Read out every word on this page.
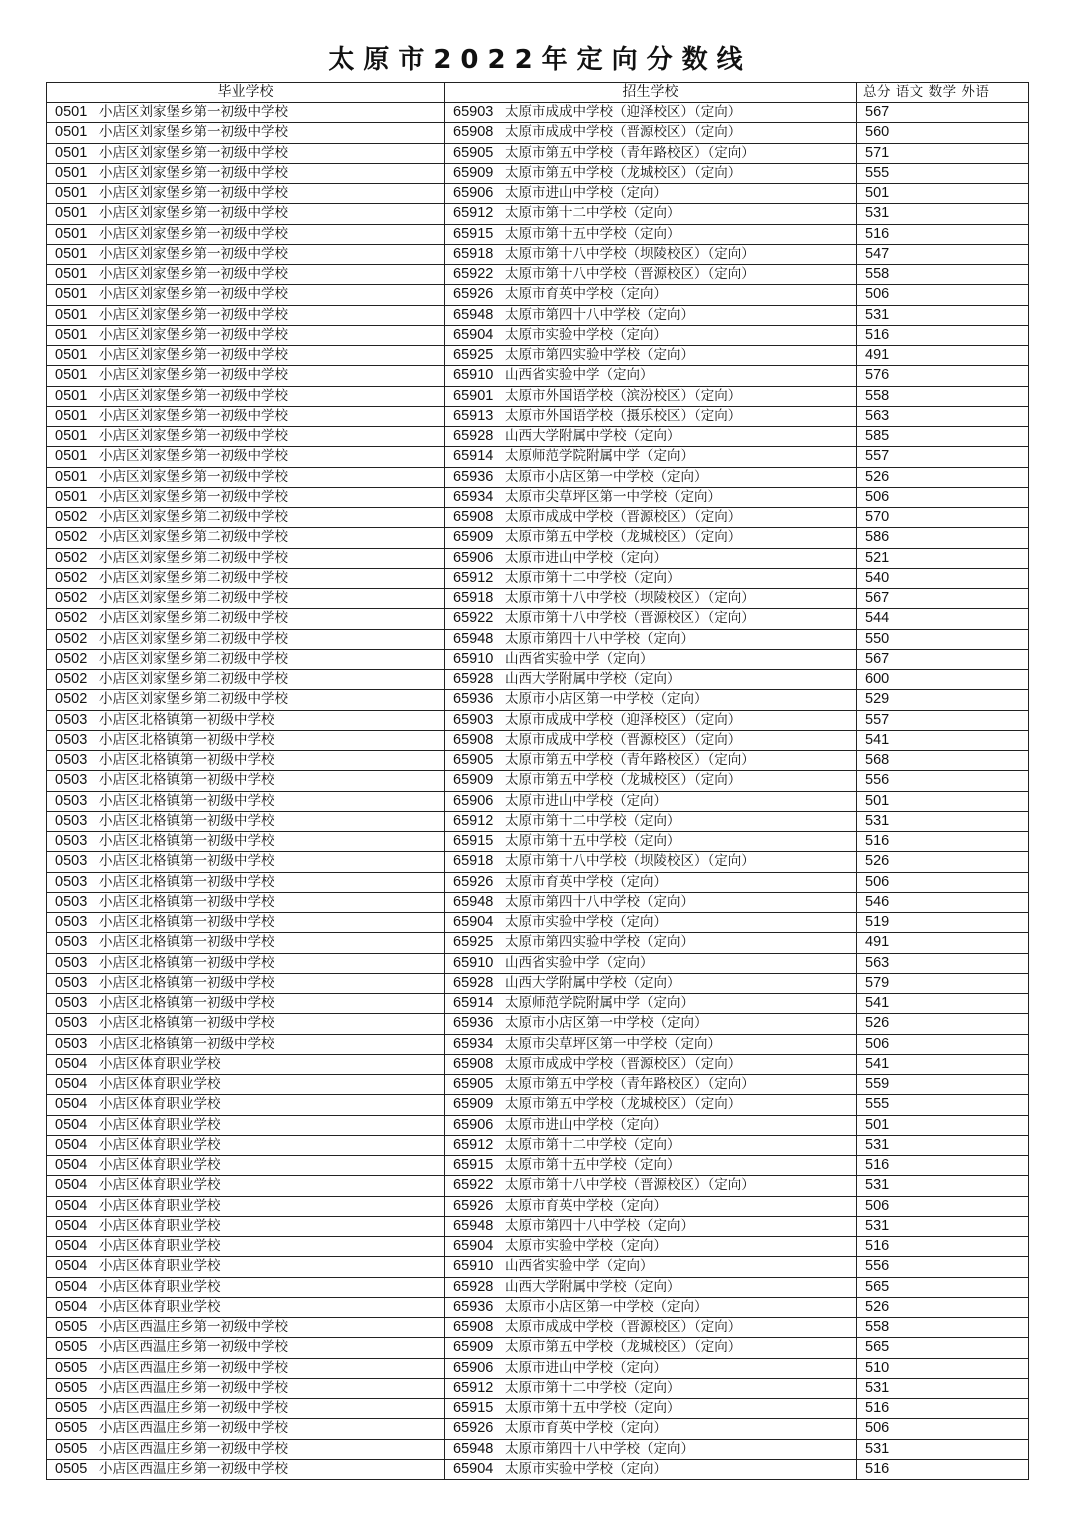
太原市2022年定向分数线
毕业学校	招生学校	总分 语文 数学 外语
0501 小店区刘家堡乡第一初级中学校	65903 太原市成成中学校（迎泽校区）（定向）	567
0501 小店区刘家堡乡第一初级中学校	65908 太原市成成中学校（晋源校区）（定向）	560
0501 小店区刘家堡乡第一初级中学校	65905 太原市第五中学校（青年路校区）（定向）	571
0501 小店区刘家堡乡第一初级中学校	65909 太原市第五中学校（龙城校区）（定向）	555
0501 小店区刘家堡乡第一初级中学校	65906 太原市进山中学校（定向）	501
0501 小店区刘家堡乡第一初级中学校	65912 太原市第十二中学校（定向）	531
0501 小店区刘家堡乡第一初级中学校	65915 太原市第十五中学校（定向）	516
0501 小店区刘家堡乡第一初级中学校	65918 太原市第十八中学校（坝陵校区）（定向）	547
0501 小店区刘家堡乡第一初级中学校	65922 太原市第十八中学校（晋源校区）（定向）	558
0501 小店区刘家堡乡第一初级中学校	65926 太原市育英中学校（定向）	506
0501 小店区刘家堡乡第一初级中学校	65948 太原市第四十八中学校（定向）	531
0501 小店区刘家堡乡第一初级中学校	65904 太原市实验中学校（定向）	516
0501 小店区刘家堡乡第一初级中学校	65925 太原市第四实验中学校（定向）	491
0501 小店区刘家堡乡第一初级中学校	65910 山西省实验中学（定向）	576
0501 小店区刘家堡乡第一初级中学校	65901 太原市外国语学校（滨汾校区）（定向）	558
0501 小店区刘家堡乡第一初级中学校	65913 太原市外国语学校（摄乐校区）（定向）	563
0501 小店区刘家堡乡第一初级中学校	65928 山西大学附属中学校（定向）	585
0501 小店区刘家堡乡第一初级中学校	65914 太原师范学院附属中学（定向）	557
0501 小店区刘家堡乡第一初级中学校	65936 太原市小店区第一中学校（定向）	526
0501 小店区刘家堡乡第一初级中学校	65934 太原市尖草坪区第一中学校（定向）	506
0502 小店区刘家堡乡第二初级中学校	65908 太原市成成中学校（晋源校区）（定向）	570
0502 小店区刘家堡乡第二初级中学校	65909 太原市第五中学校（龙城校区）（定向）	586
0502 小店区刘家堡乡第二初级中学校	65906 太原市进山中学校（定向）	521
0502 小店区刘家堡乡第二初级中学校	65912 太原市第十二中学校（定向）	540
0502 小店区刘家堡乡第二初级中学校	65918 太原市第十八中学校（坝陵校区）（定向）	567
0502 小店区刘家堡乡第二初级中学校	65922 太原市第十八中学校（晋源校区）（定向）	544
0502 小店区刘家堡乡第二初级中学校	65948 太原市第四十八中学校（定向）	550
0502 小店区刘家堡乡第二初级中学校	65910 山西省实验中学（定向）	567
0502 小店区刘家堡乡第二初级中学校	65928 山西大学附属中学校（定向）	600
0502 小店区刘家堡乡第二初级中学校	65936 太原市小店区第一中学校（定向）	529
0503 小店区北格镇第一初级中学校	65903 太原市成成中学校（迎泽校区）（定向）	557
0503 小店区北格镇第一初级中学校	65908 太原市成成中学校（晋源校区）（定向）	541
0503 小店区北格镇第一初级中学校	65905 太原市第五中学校（青年路校区）（定向）	568
0503 小店区北格镇第一初级中学校	65909 太原市第五中学校（龙城校区）（定向）	556
0503 小店区北格镇第一初级中学校	65906 太原市进山中学校（定向）	501
0503 小店区北格镇第一初级中学校	65912 太原市第十二中学校（定向）	531
0503 小店区北格镇第一初级中学校	65915 太原市第十五中学校（定向）	516
0503 小店区北格镇第一初级中学校	65918 太原市第十八中学校（坝陵校区）（定向）	526
0503 小店区北格镇第一初级中学校	65926 太原市育英中学校（定向）	506
0503 小店区北格镇第一初级中学校	65948 太原市第四十八中学校（定向）	546
0503 小店区北格镇第一初级中学校	65904 太原市实验中学校（定向）	519
0503 小店区北格镇第一初级中学校	65925 太原市第四实验中学校（定向）	491
0503 小店区北格镇第一初级中学校	65910 山西省实验中学（定向）	563
0503 小店区北格镇第一初级中学校	65928 山西大学附属中学校（定向）	579
0503 小店区北格镇第一初级中学校	65914 太原师范学院附属中学（定向）	541
0503 小店区北格镇第一初级中学校	65936 太原市小店区第一中学校（定向）	526
0503 小店区北格镇第一初级中学校	65934 太原市尖草坪区第一中学校（定向）	506
0504 小店区体育职业学校	65908 太原市成成中学校（晋源校区）（定向）	541
0504 小店区体育职业学校	65905 太原市第五中学校（青年路校区）（定向）	559
0504 小店区体育职业学校	65909 太原市第五中学校（龙城校区）（定向）	555
0504 小店区体育职业学校	65906 太原市进山中学校（定向）	501
0504 小店区体育职业学校	65912 太原市第十二中学校（定向）	531
0504 小店区体育职业学校	65915 太原市第十五中学校（定向）	516
0504 小店区体育职业学校	65922 太原市第十八中学校（晋源校区）（定向）	531
0504 小店区体育职业学校	65926 太原市育英中学校（定向）	506
0504 小店区体育职业学校	65948 太原市第四十八中学校（定向）	531
0504 小店区体育职业学校	65904 太原市实验中学校（定向）	516
0504 小店区体育职业学校	65910 山西省实验中学（定向）	556
0504 小店区体育职业学校	65928 山西大学附属中学校（定向）	565
0504 小店区体育职业学校	65936 太原市小店区第一中学校（定向）	526
0505 小店区西温庄乡第一初级中学校	65908 太原市成成中学校（晋源校区）（定向）	558
0505 小店区西温庄乡第一初级中学校	65909 太原市第五中学校（龙城校区）（定向）	565
0505 小店区西温庄乡第一初级中学校	65906 太原市进山中学校（定向）	510
0505 小店区西温庄乡第一初级中学校	65912 太原市第十二中学校（定向）	531
0505 小店区西温庄乡第一初级中学校	65915 太原市第十五中学校（定向）	516
0505 小店区西温庄乡第一初级中学校	65926 太原市育英中学校（定向）	506
0505 小店区西温庄乡第一初级中学校	65948 太原市第四十八中学校（定向）	531
0505 小店区西温庄乡第一初级中学校	65904 太原市实验中学校（定向）	516
